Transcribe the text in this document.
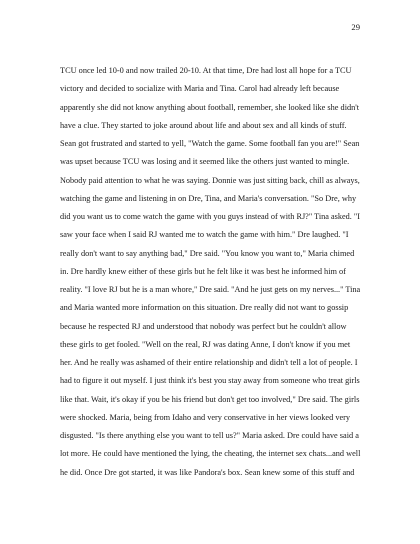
29
TCU once led 10-0 and now trailed 20-10. At that time, Dre had lost all hope for a TCU
victory and decided to socialize with Maria and Tina. Carol had already left because
apparently she did not know anything about football, remember, she looked like she didn't
have a clue. They started to joke around about life and about sex and all kinds of stuff.
Sean got frustrated and started to yell, "Watch the game. Some football fan you are!" Sean
was upset because TCU was losing and it seemed like the others just wanted to mingle.
Nobody paid attention to what he was saying. Donnie was just sitting back, chill as always,
watching the game and listening in on Dre, Tina, and Maria's conversation. "So Dre, why
did you want us to come watch the game with you guys instead of with RJ?" Tina asked. "I
saw your face when I said RJ wanted me to watch the game with him." Dre laughed. "I
really don't want to say anything bad," Dre said. "You know you want to," Maria chimed
in. Dre hardly knew either of these girls but he felt like it was best he informed him of
reality. "I love RJ but he is a man whore," Dre said. "And he just gets on my nerves..." Tina
and Maria wanted more information on this situation. Dre really did not want to gossip
because he respected RJ and understood that nobody was perfect but he couldn't allow
these girls to get fooled. "Well on the real, RJ was dating Anne, I don't know if you met
her. And he really was ashamed of their entire relationship and didn't tell a lot of people. I
had to figure it out myself. I just think it's best you stay away from someone who treat girls
like that. Wait, it's okay if you be his friend but don't get too involved," Dre said. The girls
were shocked. Maria, being from Idaho and very conservative in her views looked very
disgusted. "Is there anything else you want to tell us?" Maria asked. Dre could have said a
lot more. He could have mentioned the lying, the cheating, the internet sex chats...and well
he did. Once Dre got started, it was like Pandora's box. Sean knew some of this stuff and
